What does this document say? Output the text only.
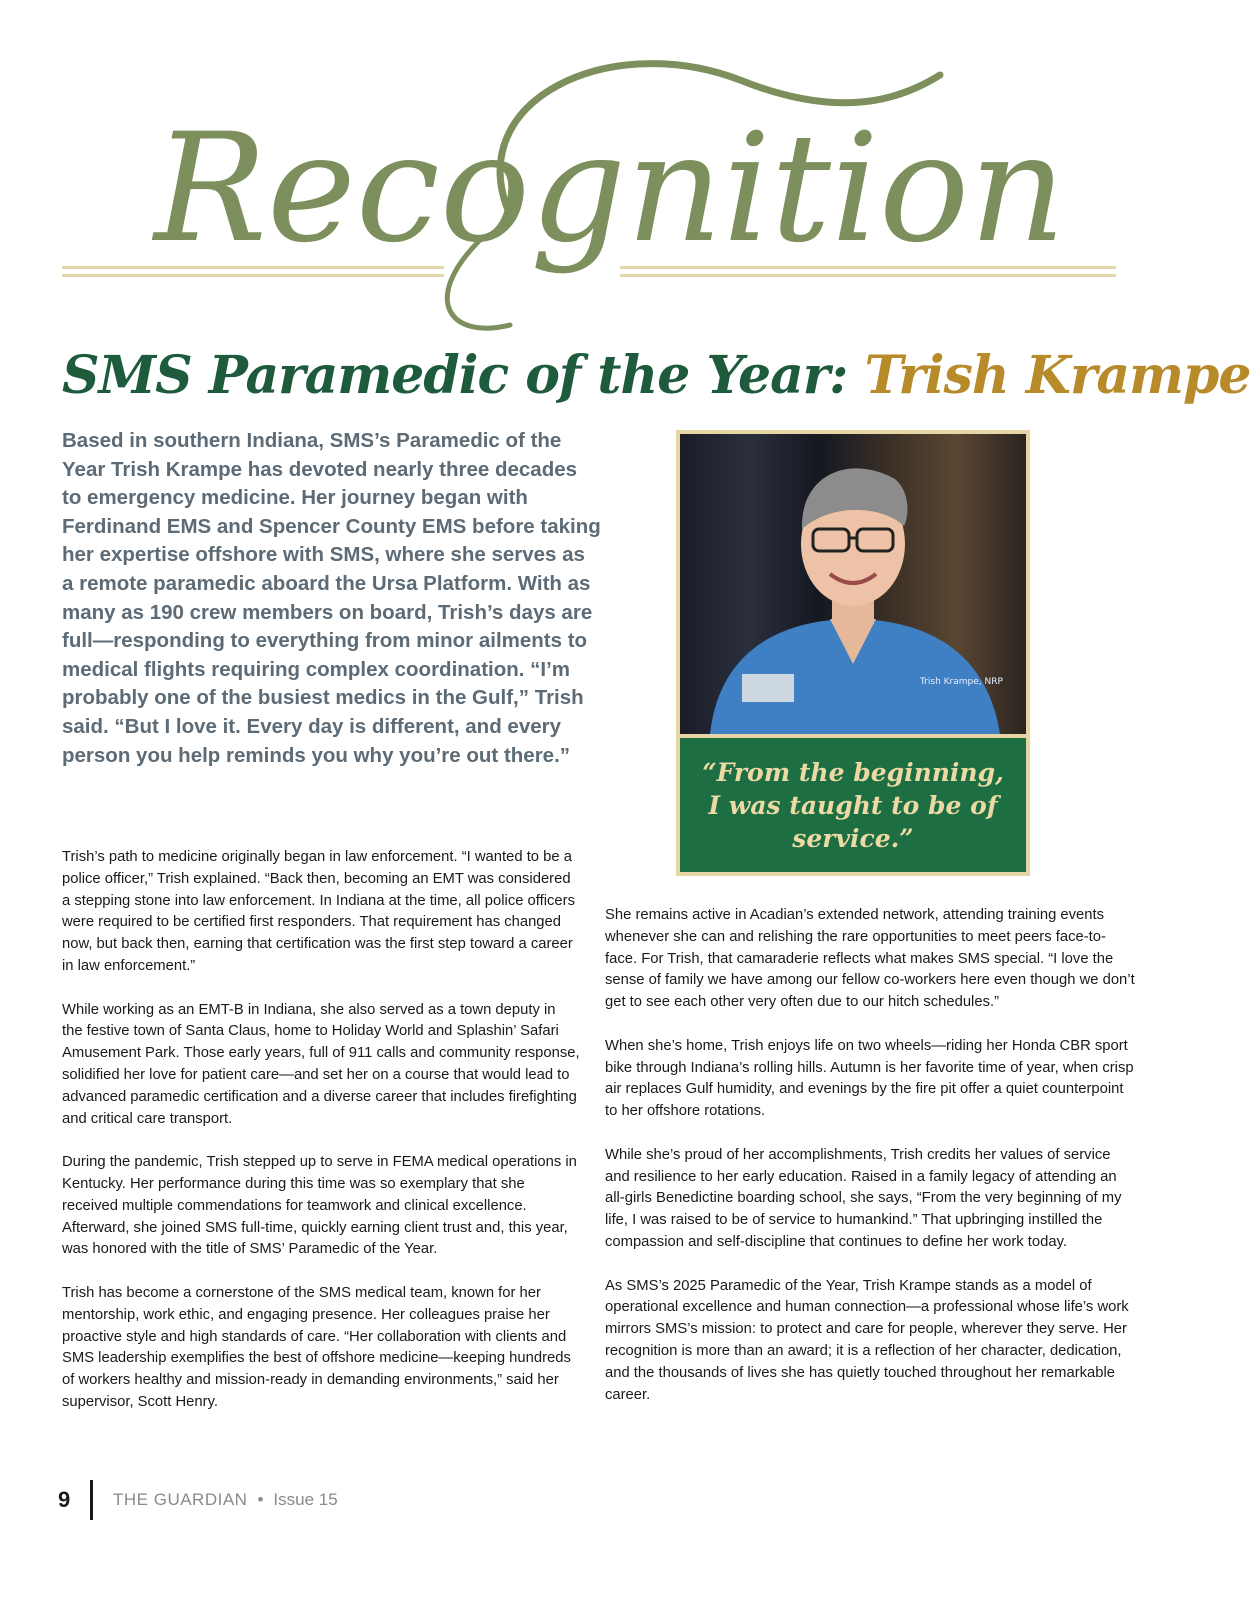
Recognition
SMS Paramedic of the Year: Trish Krampe

Based in southern Indiana, SMS’s Paramedic of the Year Trish Krampe has devoted nearly three decades to emergency medicine. Her journey began with Ferdinand EMS and Spencer County EMS before taking her expertise offshore with SMS, where she serves as a remote paramedic aboard the Ursa Platform. With as many as 190 crew members on board, Trish’s days are full—responding to everything from minor ailments to medical flights requiring complex coordination. “I’m probably one of the busiest medics in the Gulf,” Trish said. “But I love it. Every day is different, and every person you help reminds you why you’re out there.”

Trish Krampe, NRP

“From the beginning, I was taught to be of service.”

Trish’s path to medicine originally began in law enforcement. “I wanted to be a police officer,” Trish explained. “Back then, becoming an EMT was considered a stepping stone into law enforcement. In Indiana at the time, all police officers were required to be certified first responders. That requirement has changed now, but back then, earning that certification was the first step toward a career in law enforcement.”

While working as an EMT-B in Indiana, she also served as a town deputy in the festive town of Santa Claus, home to Holiday World and Splashin’ Safari Amusement Park. Those early years, full of 911 calls and community response, solidified her love for patient care—and set her on a course that would lead to advanced paramedic certification and a diverse career that includes firefighting and critical care transport.

During the pandemic, Trish stepped up to serve in FEMA medical operations in Kentucky. Her performance during this time was so exemplary that she received multiple commendations for teamwork and clinical excellence. Afterward, she joined SMS full-time, quickly earning client trust and, this year, was honored with the title of SMS’ Paramedic of the Year.

Trish has become a cornerstone of the SMS medical team, known for her mentorship, work ethic, and engaging presence. Her colleagues praise her proactive style and high standards of care. “Her collaboration with clients and SMS leadership exemplifies the best of offshore medicine—keeping hundreds of workers healthy and mission-ready in demanding environments,” said her supervisor, Scott Henry.

She remains active in Acadian’s extended network, attending training events whenever she can and relishing the rare opportunities to meet peers face-to-face. For Trish, that camaraderie reflects what makes SMS special. “I love the sense of family we have among our fellow co-workers here even though we don’t get to see each other very often due to our hitch schedules.”

When she’s home, Trish enjoys life on two wheels—riding her Honda CBR sport bike through Indiana’s rolling hills. Autumn is her favorite time of year, when crisp air replaces Gulf humidity, and evenings by the fire pit offer a quiet counterpoint to her offshore rotations.

While she’s proud of her accomplishments, Trish credits her values of service and resilience to her early education. Raised in a family legacy of attending an all-girls Benedictine boarding school, she says, “From the very beginning of my life, I was raised to be of service to humankind.” That upbringing instilled the compassion and self-discipline that continues to define her work today.

As SMS’s 2025 Paramedic of the Year, Trish Krampe stands as a model of operational excellence and human connection—a professional whose life’s work mirrors SMS’s mission: to protect and care for people, wherever they serve. Her recognition is more than an award; it is a reflection of her character, dedication, and the thousands of lives she has quietly touched throughout her remarkable career.

9	THE GUARDIAN • Issue 15
